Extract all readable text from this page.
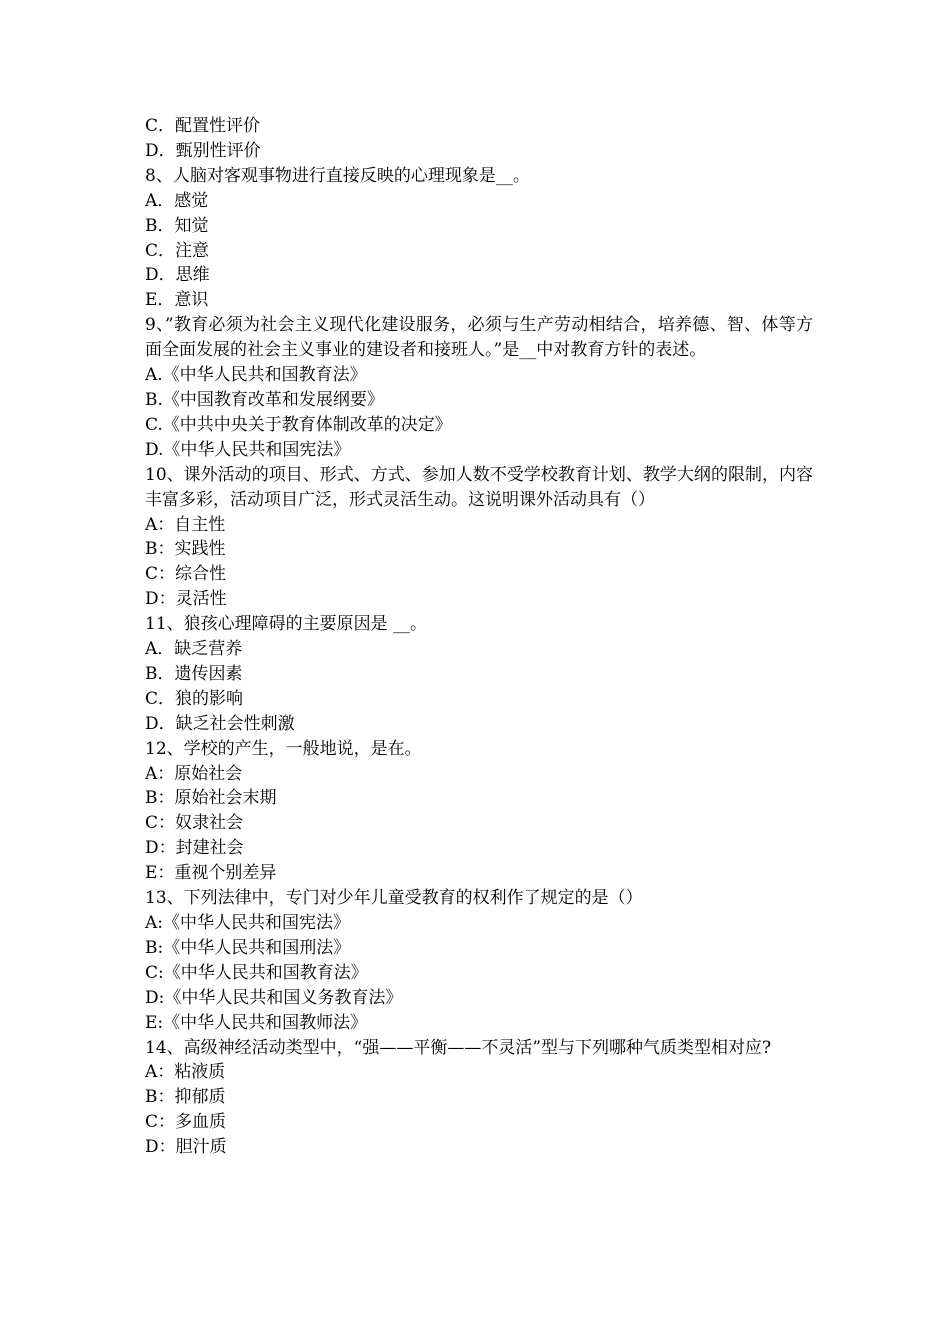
C．配置性评价
D．甄别性评价
8、人脑对客观事物进行直接反映的心理现象是__。
A．感觉
B．知觉
C．注意
D．思维
E．意识
9、”教育必须为社会主义现代化建设服务，必须与生产劳动相结合，培养德、智、体等方面全面发展的社会主义事业的建设者和接班人。”是__中对教育方针的表述。
A.《中华人民共和国教育法》
B.《中国教育改革和发展纲要》
C.《中共中央关于教育体制改革的决定》
D.《中华人民共和国宪法》
10、课外活动的项目、形式、方式、参加人数不受学校教育计划、教学大纲的限制，内容丰富多彩，活动项目广泛，形式灵活生动。这说明课外活动具有（）
A：自主性
B：实践性
C：综合性
D：灵活性
11、狼孩心理障碍的主要原因是 __。
A．缺乏营养
B．遗传因素
C．狼的影响
D．缺乏社会性刺激
12、学校的产生，一般地说，是在。
A：原始社会
B：原始社会末期
C：奴隶社会
D：封建社会
E：重视个别差异
13、下列法律中，专门对少年儿童受教育的权利作了规定的是（）
A:《中华人民共和国宪法》
B:《中华人民共和国刑法》
C:《中华人民共和国教育法》
D:《中华人民共和国义务教育法》
E:《中华人民共和国教师法》
14、高级神经活动类型中，“强——平衡——不灵活”型与下列哪种气质类型相对应?
A：粘液质
B：抑郁质
C：多血质
D：胆汁质
